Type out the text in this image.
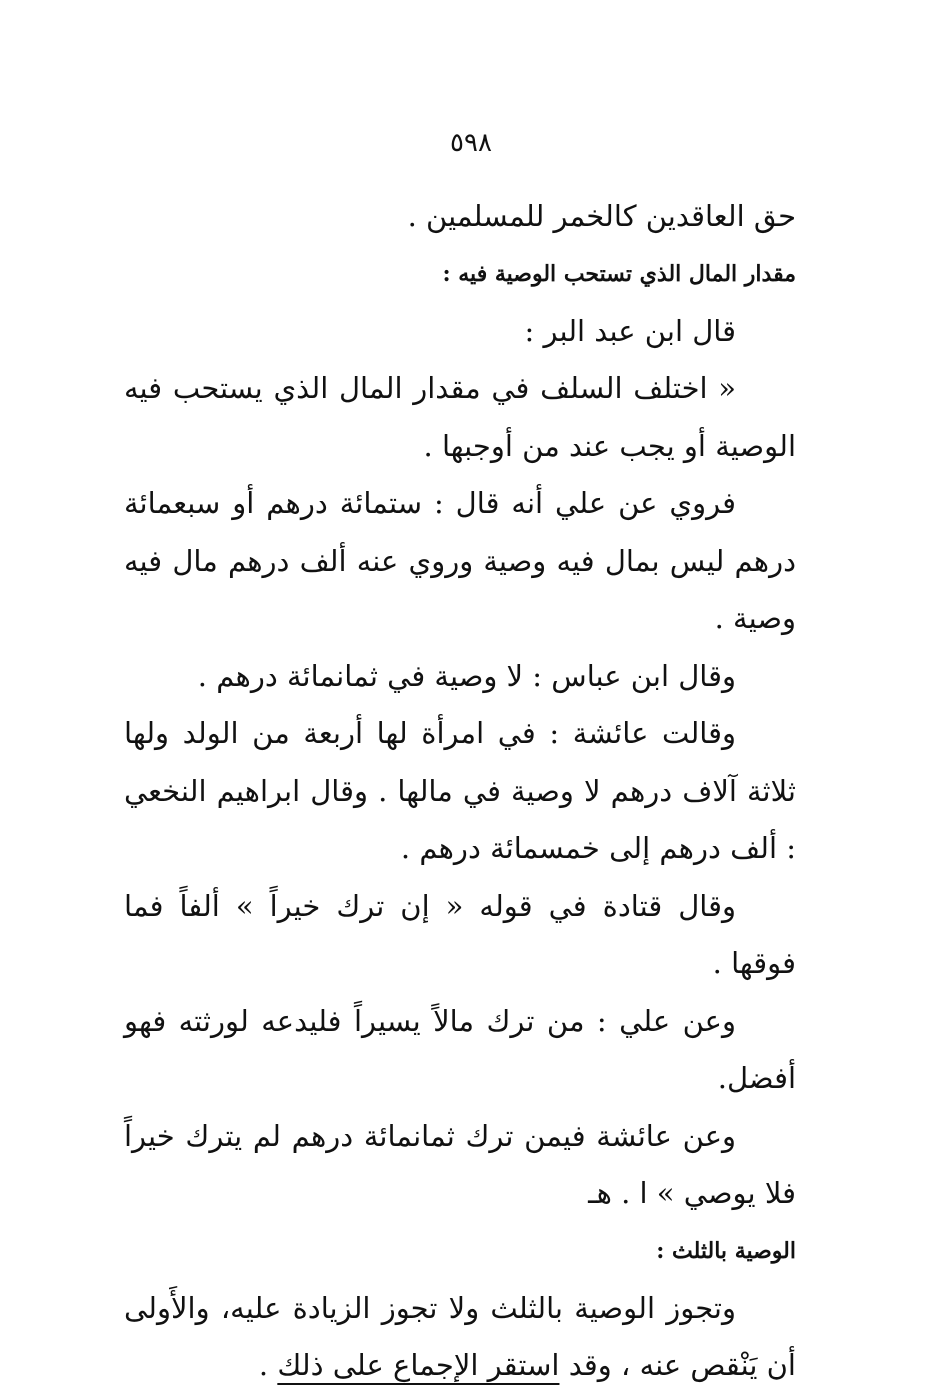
٥٩٨

حق العاقدين كالخمر للمسلمين .

مقدار المال الذي تستحب الوصية فيه :

قال ابن عبد البر :

« اختلف السلف في مقدار المال الذي يستحب فيه الوصية أو يجب عند من أوجبها .

فروي عن علي أنه قال : ستمائة درهم أو سبعمائة درهم ليس بمال فيه وصية وروي عنه ألف درهم مال فيه وصية .

وقال ابن عباس : لا وصية في ثمانمائة درهم .

وقالت عائشة : في امرأة لها أربعة من الولد ولها ثلاثة آلاف درهم لا وصية في مالها . وقال ابراهيم النخعي : ألف درهم إلى خمسمائة درهم .

وقال قتادة في قوله « إن ترك خيراً » ألفاً فما فوقها .

وعن علي : من ترك مالاً يسيراً فليدعه لورثته فهو أفضل.

وعن عائشة فيمن ترك ثمانمائة درهم لم يترك خيراً فلا يوصي » ا . هـ

الوصية بالثلث :

وتجوز الوصية بالثلث ولا تجوز الزيادة عليه، والأَولى أن يَنْقص عنه ، وقد استقر الإجماع على ذلك .
